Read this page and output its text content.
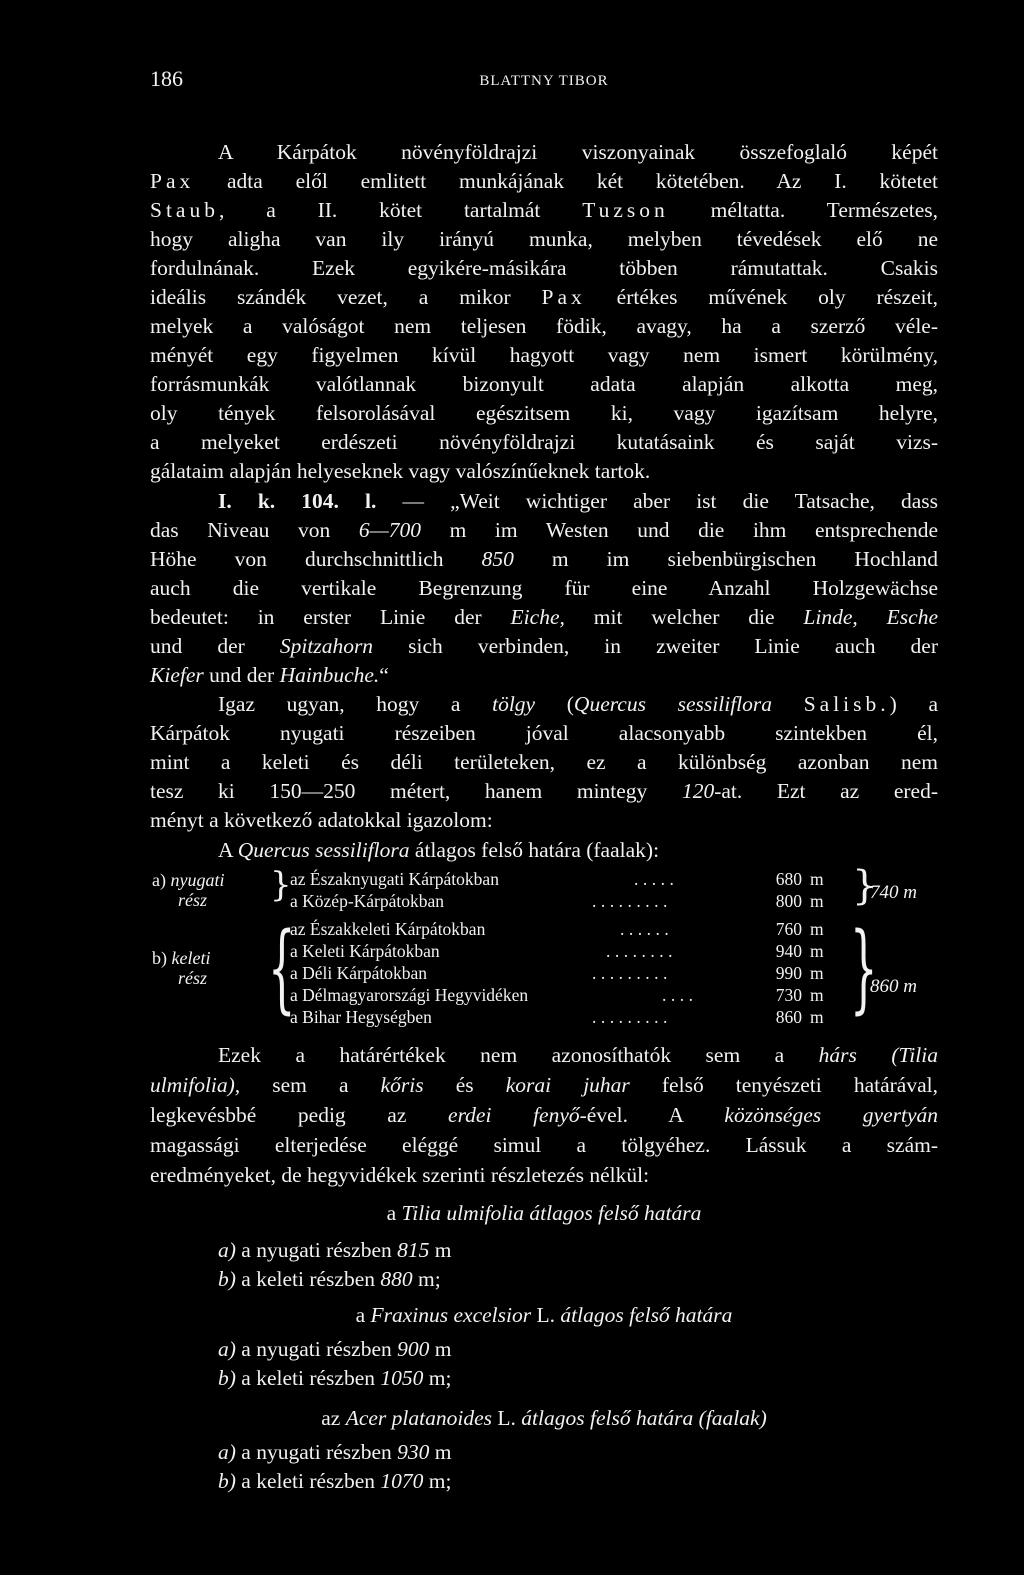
186	BLATTNY TIBOR
A Kárpátok növényföldrajzi viszonyainak összefoglaló képét
Pax adta elől emlitett munkájának két kötetében. Az I. kötetet
Staub, a II. kötet tartalmát Tuzson méltatta. Természetes,
hogy aligha van ily irányú munka, melyben tévedések elő ne
fordulnának. Ezek egyikére-másikára többen rámutattak. Csakis
ideális szándék vezet, a mikor Pax értékes művének oly részeit,
melyek a valóságot nem teljesen födik, avagy, ha a szerző véle-
ményét egy figyelmen kívül hagyott vagy nem ismert körülmény,
forrásmunkák valótlannak bizonyult adata alapján alkotta meg,
oly tények felsorolásával egészitsem ki, vagy igazítsam helyre,
a melyeket erdészeti növényföldrajzi kutatásaink és saját vizs-
gálataim alapján helyeseknek vagy valószínűeknek tartok.
I. k. 104. l. — „Weit wichtiger aber ist die Tatsache, dass
das Niveau von 6—700 m im Westen und die ihm entsprechende
Höhe von durchschnittlich 850 m im siebenbürgischen Hochland
auch die vertikale Begrenzung für eine Anzahl Holzgewächse
bedeutet: in erster Linie der Eiche, mit welcher die Linde, Esche
und der Spitzahorn sich verbinden, in zweiter Linie auch der
Kiefer und der Hainbuche.“
Igaz ugyan, hogy a tölgy (Quercus sessiliflora Salisb.) a
Kárpátok nyugati részeiben jóval alacsonyabb szintekben él,
mint a keleti és déli területeken, ez a különbség azonban nem
tesz ki 150—250 métert, hanem mintegy 120-at. Ezt az ered-
ményt a következő adatokkal igazolom:
A Quercus sessiliflora átlagos felső határa (faalak):
a) nyugati
rész	}
az Északnyugati Kárpátokban	.....	680 m
a Közép-Kárpátokban	.........	800 m }
740 m
b) keleti
rész {
az Északkeleti Kárpátokban	......	760 m
a Keleti Kárpátokban	........	940 m
a Déli Kárpátokban	.........	990 m
a Délmagyarországi Hegyvidéken	....	730 m
a Bihar Hegységben	.........	860 m }
860 m
Ezek a határértékek nem azonosíthatók sem a hárs (Tilia
ulmifolia), sem a kőris és korai juhar felső tenyészeti határával,
legkevésbbé pedig az erdei fenyő-ével. A közönséges gyertyán
magassági elterjedése eléggé simul a tölgyéhez. Lássuk a szám-
eredményeket, de hegyvidékek szerinti részletezés nélkül:
a Tilia ulmifolia átlagos felső határa
a) a nyugati részben 815 m
b) a keleti részben 880 m;
a Fraxinus excelsior L. átlagos felső határa
a) a nyugati részben 900 m
b) a keleti részben 1050 m;
az Acer platanoides L. átlagos felső határa (faalak)
a) a nyugati részben 930 m
b) a keleti részben 1070 m;
